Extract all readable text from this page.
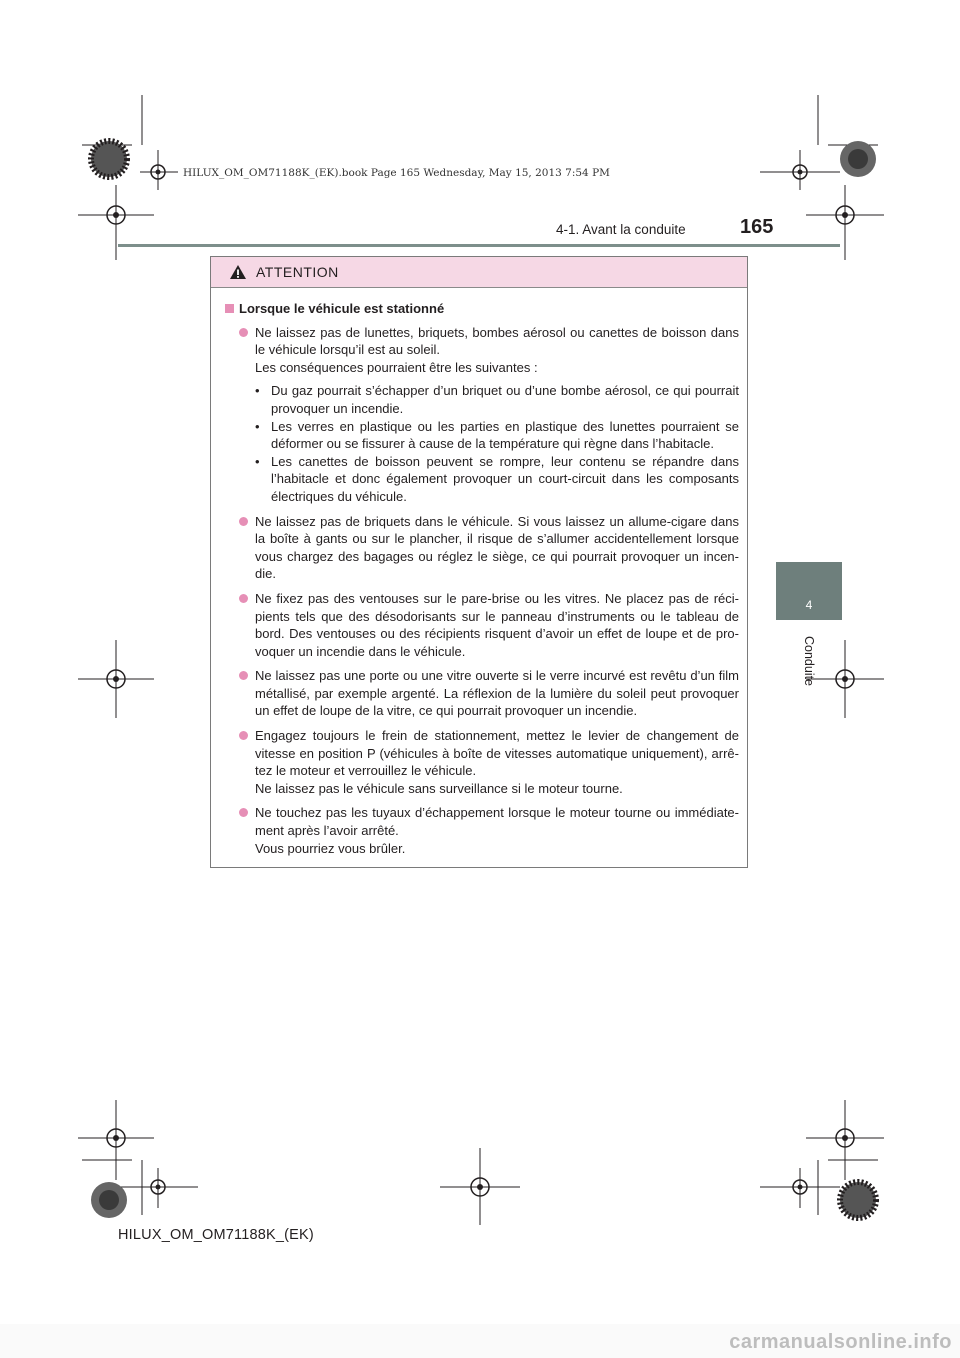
HILUX_OM_OM71188K_(EK).book Page 165 Wednesday, May 15, 2013 7:54 PM
4-1. Avant la conduite	165
4
Conduite
ATTENTION
Lorsque le véhicule est stationné

Ne laissez pas de lunettes, briquets, bombes aérosol ou canettes de boisson dans le véhicule lorsqu’il est au soleil.

Les conséquences pourraient être les suivantes :

• Du gaz pourrait s’échapper d’un briquet ou d’une bombe aérosol, ce qui pourrait provoquer un incendie.
• Les verres en plastique ou les parties en plastique des lunettes pourraient se déformer ou se fissurer à cause de la température qui règne dans l’habitacle.
• Les canettes de boisson peuvent se rompre, leur contenu se répandre dans l’habitacle et donc également provoquer un court-circuit dans les composants électriques du véhicule.

Ne laissez pas de briquets dans le véhicule. Si vous laissez un allume-cigare dans la boîte à gants ou sur le plancher, il risque de s’allumer accidentellement lorsque vous chargez des bagages ou réglez le siège, ce qui pourrait provoquer un incen-die.

Ne fixez pas des ventouses sur le pare-brise ou les vitres. Ne placez pas de réci-pients tels que des désodorisants sur le panneau d’instruments ou le tableau de bord. Des ventouses ou des récipients risquent d’avoir un effet de loupe et de pro-voquer un incendie dans le véhicule.

Ne laissez pas une porte ou une vitre ouverte si le verre incurvé est revêtu d’un film métallisé, par exemple argenté. La réflexion de la lumière du soleil peut provoquer un effet de loupe de la vitre, ce qui pourrait provoquer un incendie.

Engagez toujours le frein de stationnement, mettez le levier de changement de vitesse en position P (véhicules à boîte de vitesses automatique uniquement), arrê-tez le moteur et verrouillez le véhicule.

Ne laissez pas le véhicule sans surveillance si le moteur tourne.

Ne touchez pas les tuyaux d’échappement lorsque le moteur tourne ou immédiate-ment après l’avoir arrêté.

Vous pourriez vous brûler.

HILUX_OM_OM71188K_(EK)
carmanualsonline.info
